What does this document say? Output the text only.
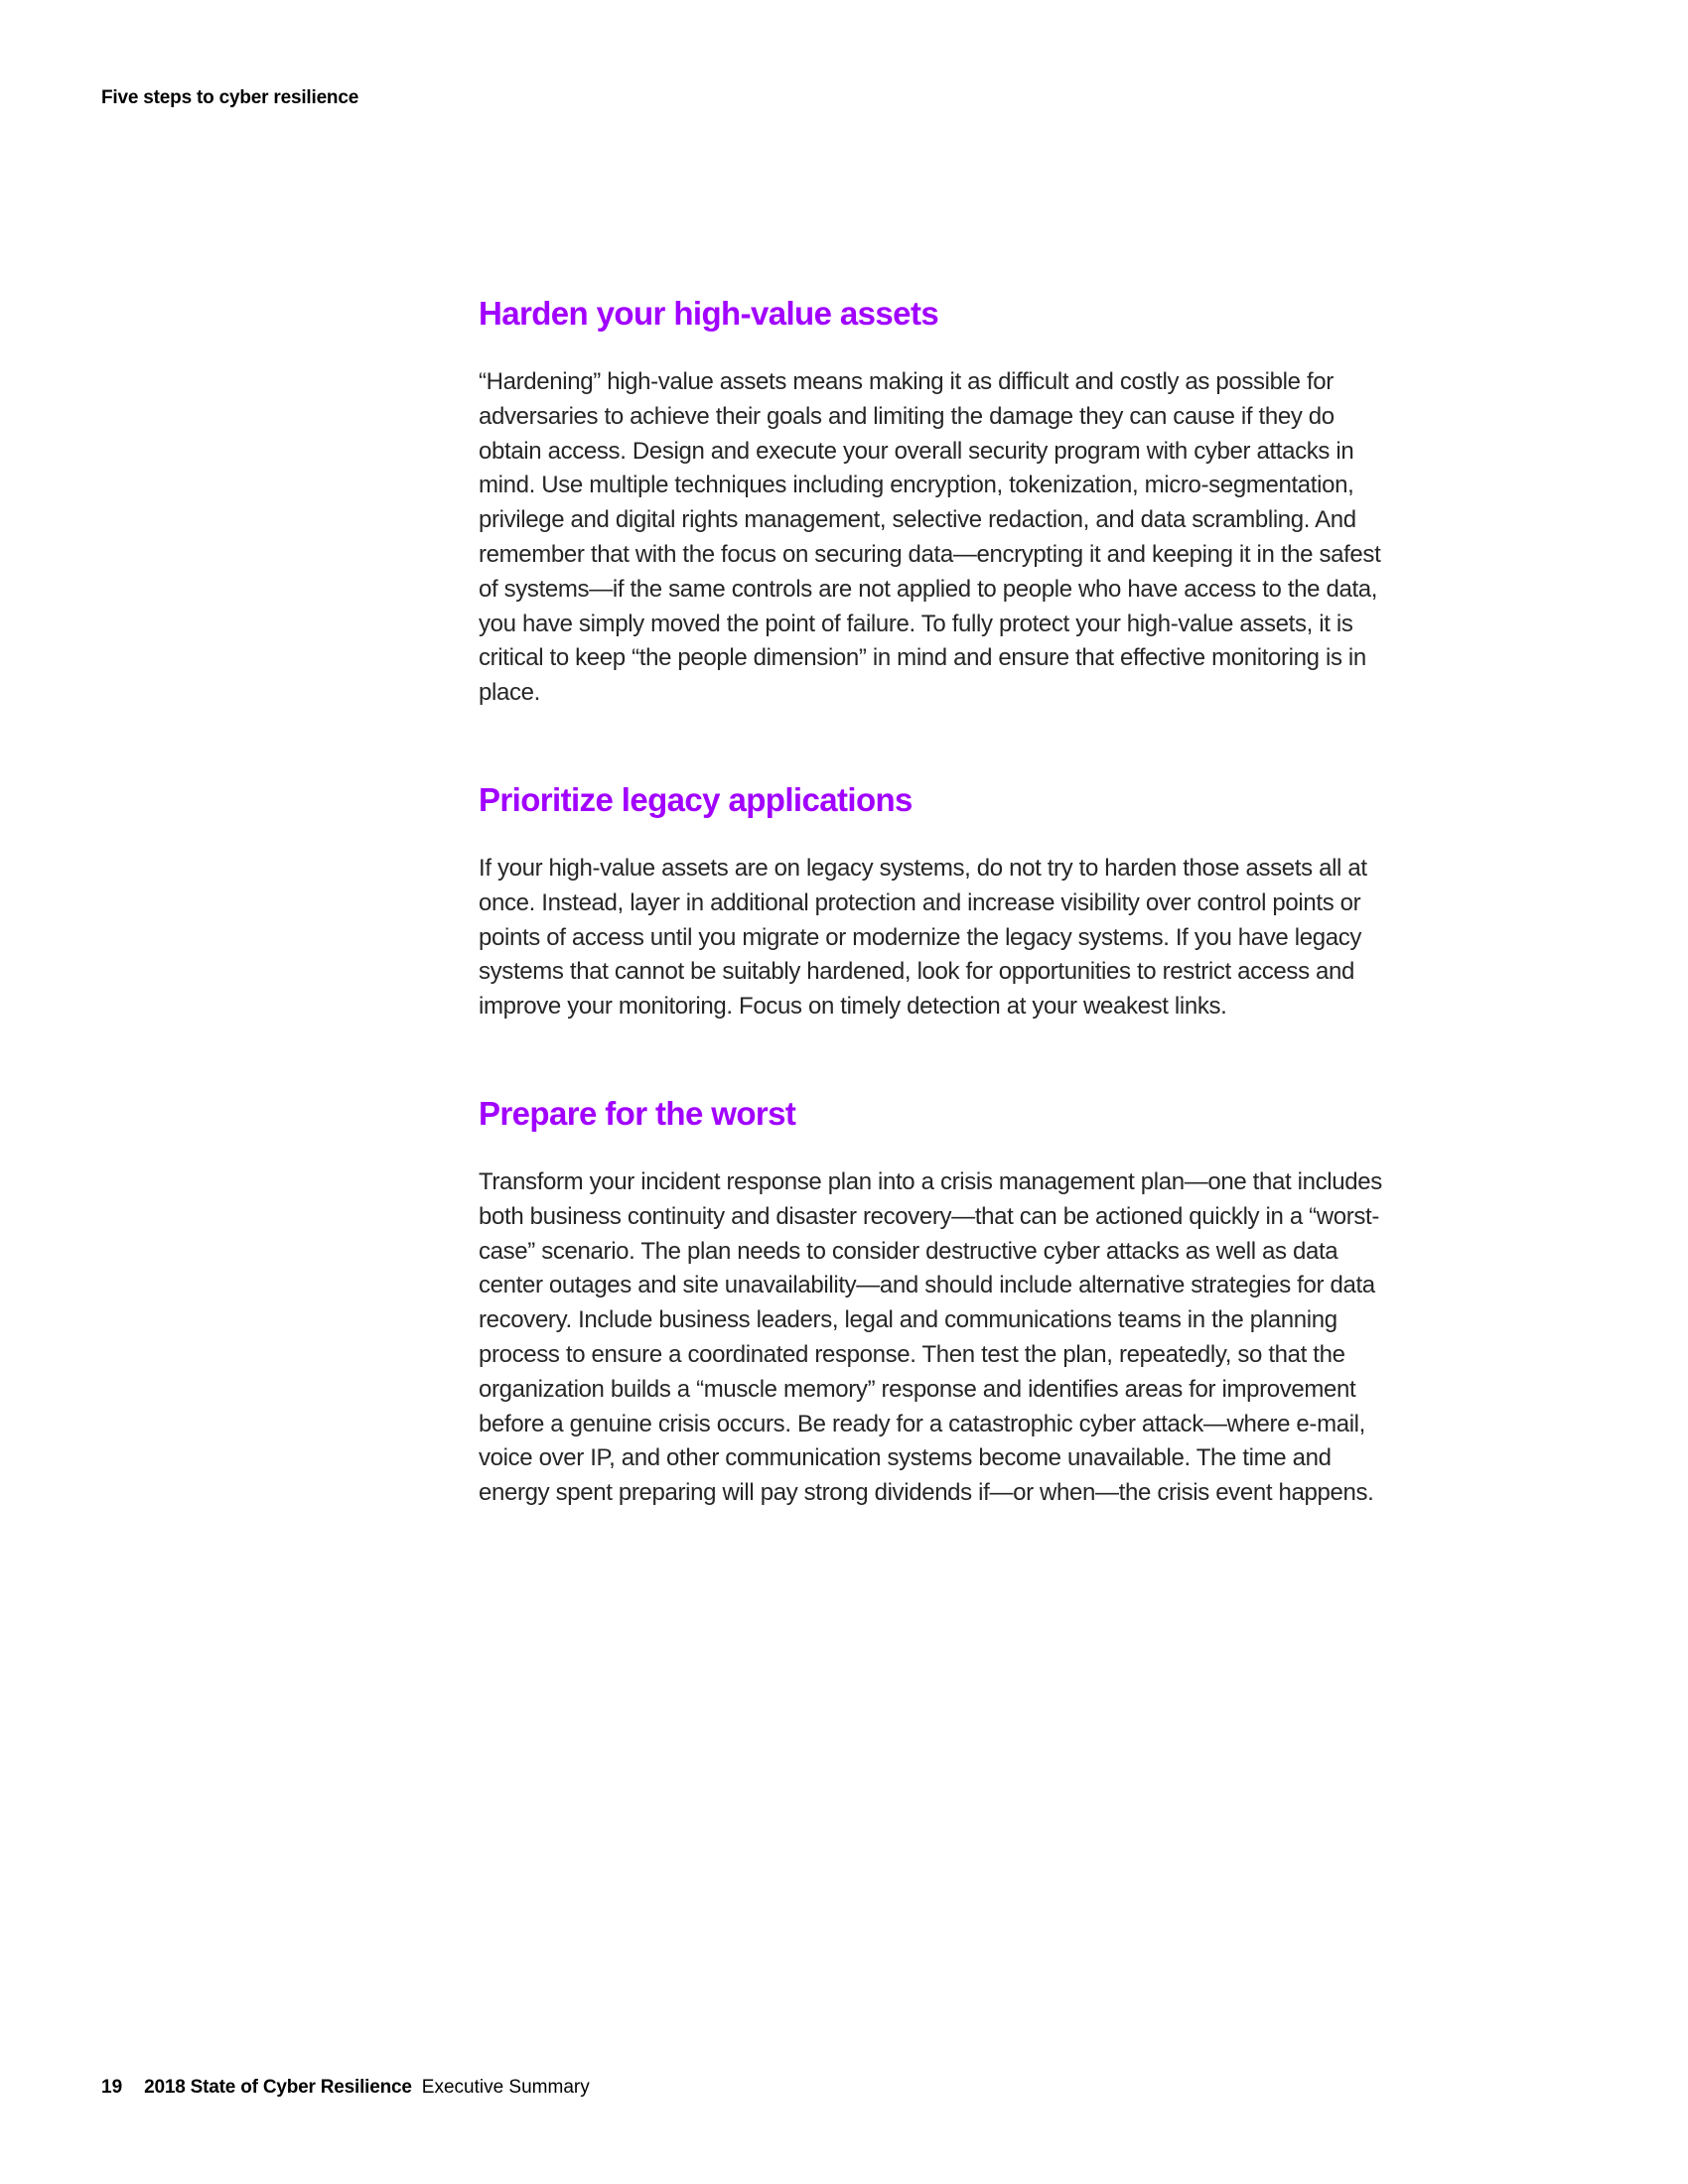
Five steps to cyber resilience
Harden your high-value assets

“Hardening” high-value assets means making it as difficult and costly as possible for adversaries to achieve their goals and limiting the damage they can cause if they do obtain access. Design and execute your overall security program with cyber attacks in mind. Use multiple techniques including encryption, tokenization, micro-segmentation, privilege and digital rights management, selective redaction, and data scrambling. And remember that with the focus on securing data—encrypting it and keeping it in the safest of systems—if the same controls are not applied to people who have access to the data, you have simply moved the point of failure. To fully protect your high-value assets, it is critical to keep “the people dimension” in mind and ensure that effective monitoring is in place.

Prioritize legacy applications

If your high-value assets are on legacy systems, do not try to harden those assets all at once. Instead, layer in additional protection and increase visibility over control points or points of access until you migrate or modernize the legacy systems. If you have legacy systems that cannot be suitably hardened, look for opportunities to restrict access and improve your monitoring. Focus on timely detection at your weakest links.

Prepare for the worst

Transform your incident response plan into a crisis management plan—one that includes both business continuity and disaster recovery—that can be actioned quickly in a “worst-case” scenario. The plan needs to consider destructive cyber attacks as well as data center outages and site unavailability—and should include alternative strategies for data recovery. Include business leaders, legal and communications teams in the planning process to ensure a coordinated response. Then test the plan, repeatedly, so that the organization builds a “muscle memory” response and identifies areas for improvement before a genuine crisis occurs. Be ready for a catastrophic cyber attack—where e-mail, voice over IP, and other communication systems become unavailable. The time and energy spent preparing will pay strong dividends if—or when—the crisis event happens.

19 2018 State of Cyber Resilience Executive Summary
